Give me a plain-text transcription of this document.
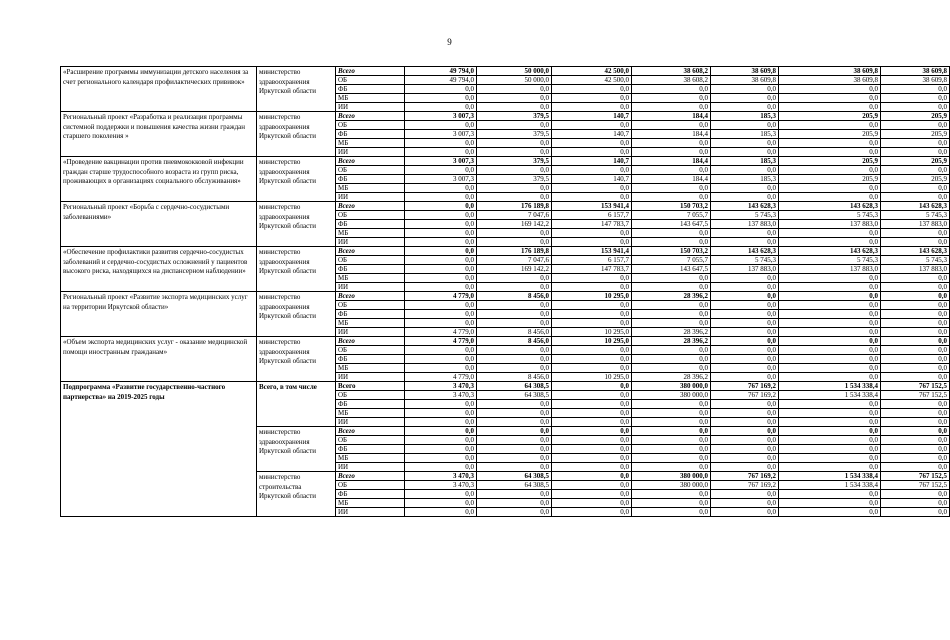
9
«Расширение программы иммунизации детского населения за счет регионального календаря профилактических прививок»	министерство здравоохранения Иркутской области	Всего	49 794,0	50 000,0	42 500,0	38 608,2	38 609,8	38 609,8	38 609,8
		ОБ	49 794,0	50 000,0	42 500,0	38 608,2	38 609,8	38 609,8	38 609,8
		ФБ	0,0	0,0	0,0	0,0	0,0	0,0	0,0
		МБ	0,0	0,0	0,0	0,0	0,0	0,0	0,0
		ИИ	0,0	0,0	0,0	0,0	0,0	0,0	0,0
Региональный проект «Разработка и реализация программы системной поддержки и повышения качества жизни граждан старшего поколения »	министерство здравоохранения Иркутской области	Всего	3 007,3	379,5	140,7	184,4	185,3	205,9	205,9
		ОБ	0,0	0,0	0,0	0,0	0,0	0,0	0,0
		ФБ	3 007,3	379,5	140,7	184,4	185,3	205,9	205,9
		МБ	0,0	0,0	0,0	0,0	0,0	0,0	0,0
		ИИ	0,0	0,0	0,0	0,0	0,0	0,0	0,0
«Проведение вакцинации против пневмококковой инфекции граждан старше трудоспособного возраста из групп риска, проживающих в организациях социального обслуживания»	министерство здравоохранения Иркутской области	Всего	3 007,3	379,5	140,7	184,4	185,3	205,9	205,9
		ОБ	0,0	0,0	0,0	0,0	0,0	0,0	0,0
		ФБ	3 007,3	379,5	140,7	184,4	185,3	205,9	205,9
		МБ	0,0	0,0	0,0	0,0	0,0	0,0	0,0
		ИИ	0,0	0,0	0,0	0,0	0,0	0,0	0,0
Региональный проект «Борьба с сердечно-сосудистыми заболеваниями»	министерство здравоохранения Иркутской области	Всего	0,0	176 189,8	153 941,4	150 703,2	143 628,3	143 628,3	143 628,3
		ОБ	0,0	7 047,6	6 157,7	7 055,7	5 745,3	5 745,3	5 745,3
		ФБ	0,0	169 142,2	147 783,7	143 647,5	137 883,0	137 883,0	137 883,0
		МБ	0,0	0,0	0,0	0,0	0,0	0,0	0,0
		ИИ	0,0	0,0	0,0	0,0	0,0	0,0	0,0
«Обеспечение профилактики развития сердечно-сосудистых заболеваний и сердечно-сосудистых осложнений у пациентов высокого риска, находящихся на диспансерном наблюдении»	министерство здравоохранения Иркутской области	Всего	0,0	176 189,8	153 941,4	150 703,2	143 628,3	143 628,3	143 628,3
		ОБ	0,0	7 047,6	6 157,7	7 055,7	5 745,3	5 745,3	5 745,3
		ФБ	0,0	169 142,2	147 783,7	143 647,5	137 883,0	137 883,0	137 883,0
		МБ	0,0	0,0	0,0	0,0	0,0	0,0	0,0
		ИИ	0,0	0,0	0,0	0,0	0,0	0,0	0,0
Региональный проект «Развитие экспорта медицинских услуг на территории Иркутской области»	министерство здравоохранения Иркутской области	Всего	4 779,0	8 456,0	10 295,0	28 396,2	0,0	0,0	0,0
		ОБ	0,0	0,0	0,0	0,0	0,0	0,0	0,0
		ФБ	0,0	0,0	0,0	0,0	0,0	0,0	0,0
		МБ	0,0	0,0	0,0	0,0	0,0	0,0	0,0
		ИИ	4 779,0	8 456,0	10 295,0	28 396,2	0,0	0,0	0,0
«Объем экспорта медицинских услуг - оказание медицинской помощи иностранным гражданам»	министерство здравоохранения Иркутской области	Всего	4 779,0	8 456,0	10 295,0	28 396,2	0,0	0,0	0,0
		ОБ	0,0	0,0	0,0	0,0	0,0	0,0	0,0
		ФБ	0,0	0,0	0,0	0,0	0,0	0,0	0,0
		МБ	0,0	0,0	0,0	0,0	0,0	0,0	0,0
		ИИ	4 779,0	8 456,0	10 295,0	28 396,2	0,0	0,0	0,0
Подпрограмма «Развитие государственно-частного партнерства» на 2019-2025 годы	Всего, в том числе	Всего	3 470,3	64 308,5	0,0	380 000,0	767 169,2	1 534 338,4	767 152,5
		ОБ	3 470,3	64 308,5	0,0	380 000,0	767 169,2	1 534 338,4	767 152,5
		ФБ	0,0	0,0	0,0	0,0	0,0	0,0	0,0
		МБ	0,0	0,0	0,0	0,0	0,0	0,0	0,0
		ИИ	0,0	0,0	0,0	0,0	0,0	0,0	0,0
	министерство здравоохранения Иркутской области	Всего	0,0	0,0	0,0	0,0	0,0	0,0	0,0
		ОБ	0,0	0,0	0,0	0,0	0,0	0,0	0,0
		ФБ	0,0	0,0	0,0	0,0	0,0	0,0	0,0
		МБ	0,0	0,0	0,0	0,0	0,0	0,0	0,0
		ИИ	0,0	0,0	0,0	0,0	0,0	0,0	0,0
	министерство строительства Иркутской области	Всего	3 470,3	64 308,5	0,0	380 000,0	767 169,2	1 534 338,4	767 152,5
		ОБ	3 470,3	64 308,5	0,0	380 000,0	767 169,2	1 534 338,4	767 152,5
		ФБ	0,0	0,0	0,0	0,0	0,0	0,0	0,0
		МБ	0,0	0,0	0,0	0,0	0,0	0,0	0,0
		ИИ	0,0	0,0	0,0	0,0	0,0	0,0	0,0
